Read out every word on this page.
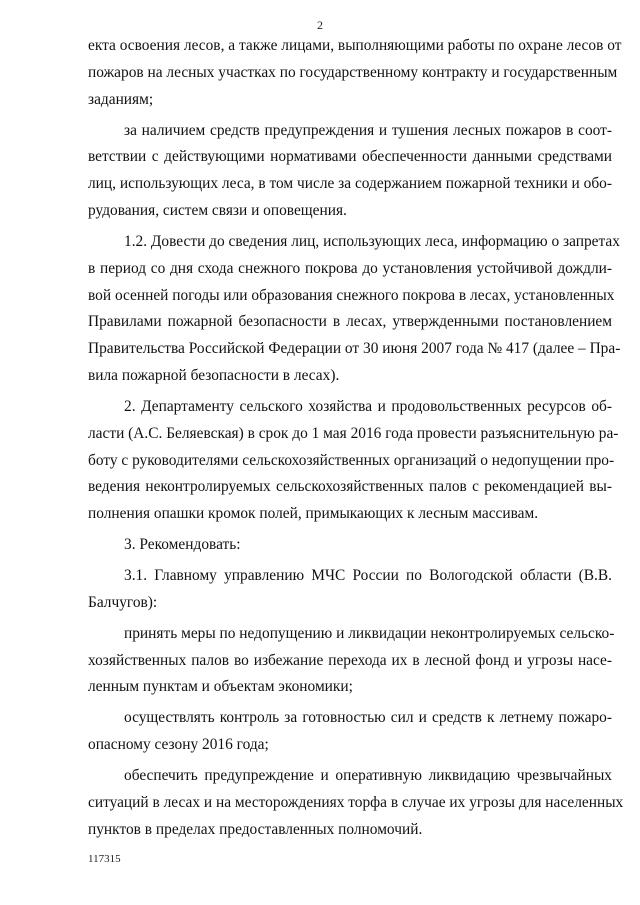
2
екта освоения лесов, а также лицами, выполняющими работы по охране лесов от
пожаров на лесных участках по государственному контракту и государственным
заданиям;
за наличием средств предупреждения и тушения лесных пожаров в соот-
ветствии с действующими нормативами обеспеченности данными средствами
лиц, использующих леса, в том числе за содержанием пожарной техники и обо-
рудования, систем связи и оповещения.
1.2. Довести до сведения лиц, использующих леса, информацию о запретах
в период со дня схода снежного покрова до установления устойчивой дождли-
вой осенней погоды или образования снежного покрова в лесах, установленных
Правилами пожарной безопасности в лесах, утвержденными постановлением
Правительства Российской Федерации от 30 июня 2007 года № 417 (далее – Пра-
вила пожарной безопасности в лесах).
2. Департаменту сельского хозяйства и продовольственных ресурсов об-
ласти (А.С. Беляевская) в срок до 1 мая 2016 года провести разъяснительную ра-
боту с руководителями сельскохозяйственных организаций о недопущении про-
ведения неконтролируемых сельскохозяйственных палов с рекомендацией вы-
полнения опашки кромок полей, примыкающих к лесным массивам.
3. Рекомендовать:
3.1. Главному управлению МЧС России по Вологодской области (В.В.
Балчугов):
принять меры по недопущению и ликвидации неконтролируемых сельско-
хозяйственных палов во избежание перехода их в лесной фонд и угрозы насе-
ленным пунктам и объектам экономики;
осуществлять контроль за готовностью сил и средств к летнему пожаро-
опасному сезону 2016 года;
обеспечить предупреждение и оперативную ликвидацию чрезвычайных
ситуаций в лесах и на месторождениях торфа в случае их угрозы для населенных
пунктов в пределах предоставленных полномочий.
117315
